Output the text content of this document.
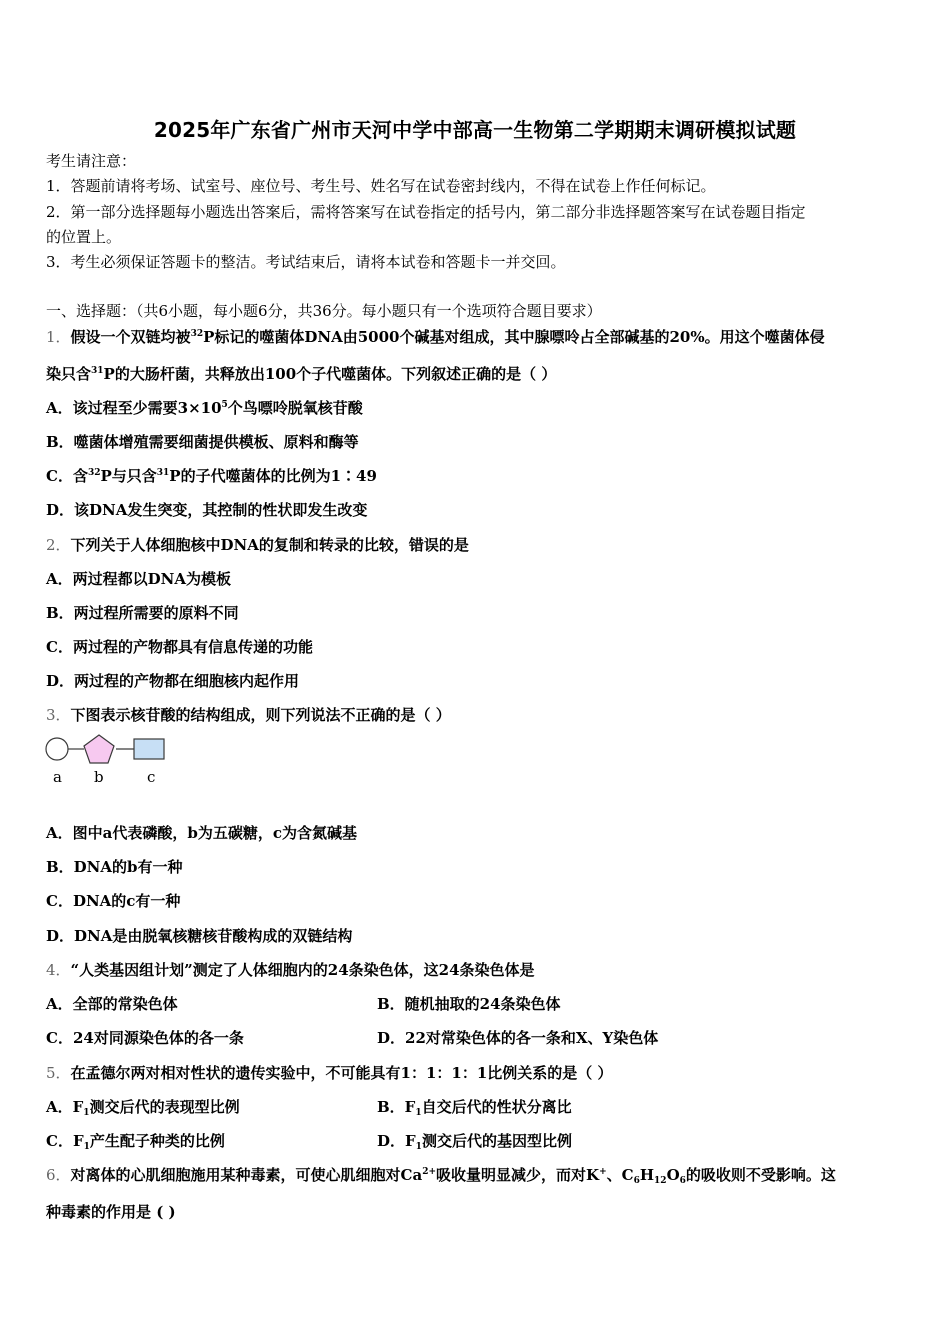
2025年广东省广州市天河中学中部高一生物第二学期期末调研模拟试题
考生请注意：
1．答题前请将考场、试室号、座位号、考生号、姓名写在试卷密封线内，不得在试卷上作任何标记。
2．第一部分选择题每小题选出答案后，需将答案写在试卷指定的括号内，第二部分非选择题答案写在试卷题目指定
的位置上。
3．考生必须保证答题卡的整洁。考试结束后，请将本试卷和答题卡一并交回。
一、选择题：（共6小题，每小题6分，共36分。每小题只有一个选项符合题目要求）
1．假设一个双链均被$^{32}$P标记的噬菌体DNA由5000个碱基对组成，其中腺嘌呤占全部碱基的20%。用这个噬菌体侵
染只含$^{31}$P的大肠杆菌，共释放出100个子代噬菌体。下列叙述正确的是（ ）
A．该过程至少需要$3\times 10^5$个鸟嘌呤脱氧核苷酸
B．噬菌体增殖需要细菌提供模板、原料和酶等
C．含$^{32}$P与只含$^{31}$P的子代噬菌体的比例为1∶49
D．该DNA发生突变，其控制的性状即发生改变
2．下列关于人体细胞核中DNA的复制和转录的比较，错误的是
A．两过程都以DNA为模板
B．两过程所需要的原料不同
C．两过程的产物都具有信息传递的功能
D．两过程的产物都在细胞核内起作用
3．下图表示核苷酸的结构组成，则下列说法不正确的是（ ）
a b	c
A．图中a代表磷酸，b为五碳糖，c为含氮碱基
B．DNA的b有一种
C．DNA的c有一种
D．DNA是由脱氧核糖核苷酸构成的双链结构
4．“人类基因组计划”测定了人体细胞内的24条染色体，这24条染色体是
A．全部的常染色体	B．随机抽取的24条染色体
C．24对同源染色体的各一条	D．22对常染色体的各一条和X、Y染色体
5．在孟德尔两对相对性状的遗传实验中，不可能具有1：1：1：1比例关系的是（ ）
A．$F_1$测交后代的表现型比例	B．$F_1$自交后代的性状分离比
C．$F_1$产生配子种类的比例	D．$F_1$测交后代的基因型比例
6．对离体的心肌细胞施用某种毒素，可使心肌细胞对$Ca^{2+}$吸收量明显减少，而对K+、$C_6H_{12}O_6$的吸收则不受影响。这
种毒素的作用是 ( )
